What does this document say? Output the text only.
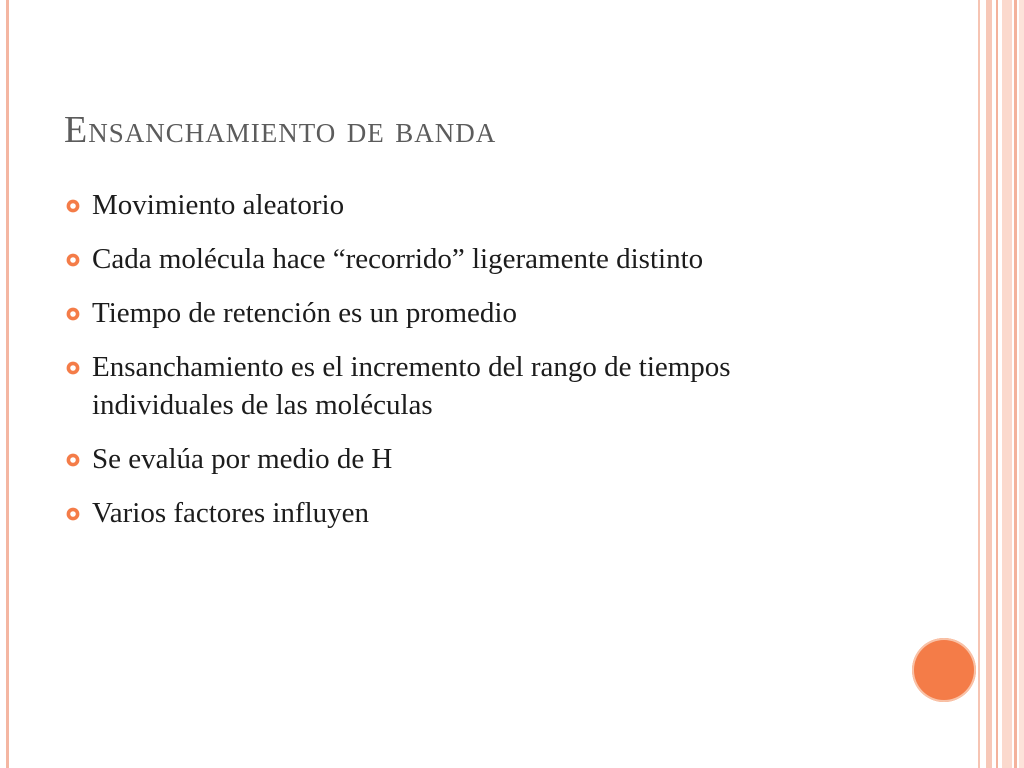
Ensanchamiento de banda
Movimiento aleatorio
Cada molécula hace “recorrido” ligeramente distinto
Tiempo de retención es un promedio
Ensanchamiento es el incremento del rango de tiempos individuales de las moléculas
Se evalúa por medio de H
Varios factores influyen
